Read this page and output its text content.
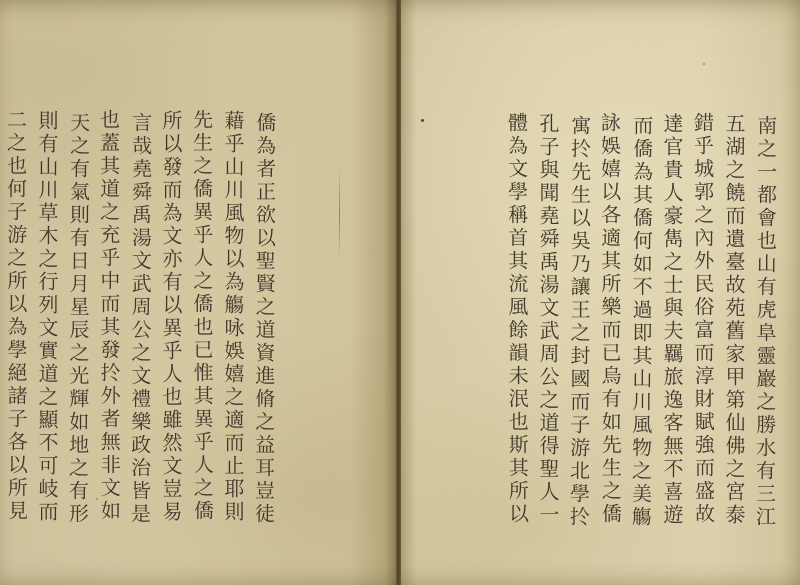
僑為者正欲以聖賢之道資進脩之益耳豈徒
藉乎山川風物以為觴咏娛嬉之適而止耶則
先生之僑異乎人之僑也已惟其異乎人之僑
所以發而為文亦有以異乎人也雖然文豈易
言哉堯舜禹湯文武周公之文禮樂政治皆是
也蓋其道之充乎中而其發扵外者無非文如
天之有氣則有日月星辰之光輝如地之有形
則有山川草木之行列文實道之顯不可岐而
二之也何子游之所以為學絕諸子各以所見	南之一都會也山有虎阜靈巖之勝水有三江
五湖之饒而遺臺故苑舊家甲第仙佛之宮泰
錯乎城郭之內外民俗富而淳財賦強而盛故
達官貴人豪雋之士與夫羈旅逸客無不喜遊
而僑為其僑何如不過即其山川風物之美觴
詠娛嬉以各適其所樂而已烏有如先生之僑
寓扵先生以吳乃讓王之封國而子游北學扵
孔子與聞堯舜禹湯文武周公之道得聖人一
體為文學稱首其流風餘韻未泯也斯其所以
